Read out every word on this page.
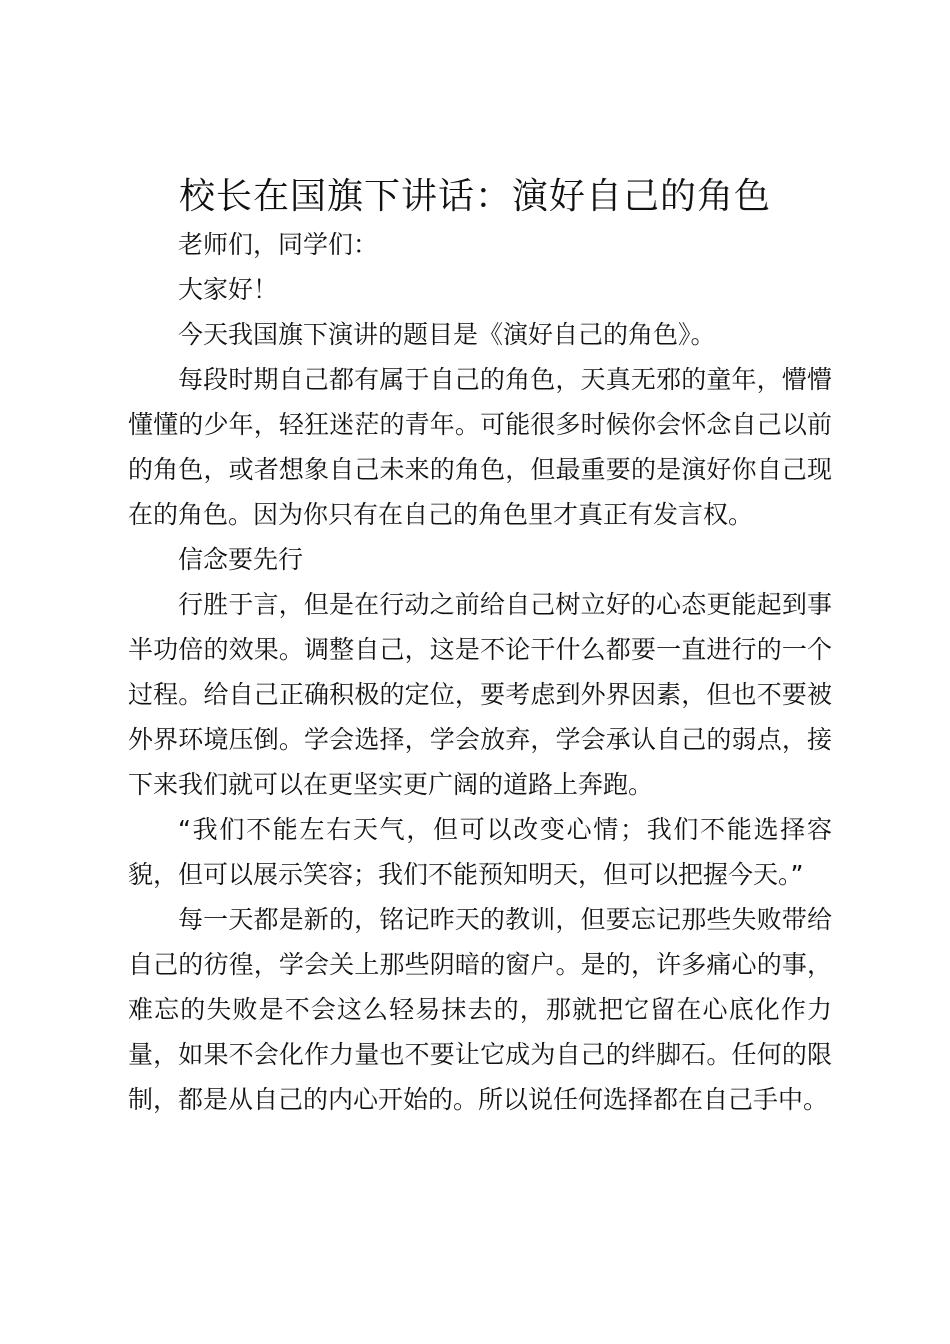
校长在国旗下讲话：演好自己的角色

老师们，同学们：

大家好！

今天我国旗下演讲的题目是《演好自己的角色》。

每段时期自己都有属于自己的角色，天真无邪的童年，懵懵懂懂的少年，轻狂迷茫的青年。可能很多时候你会怀念自己以前的角色，或者想象自己未来的角色，但最重要的是演好你自己现在的角色。因为你只有在自己的角色里才真正有发言权。

信念要先行

行胜于言，但是在行动之前给自己树立好的心态更能起到事半功倍的效果。调整自己，这是不论干什么都要一直进行的一个过程。给自己正确积极的定位，要考虑到外界因素，但也不要被外界环境压倒。学会选择，学会放弃，学会承认自己的弱点，接下来我们就可以在更坚实更广阔的道路上奔跑。

“我们不能左右天气，但可以改变心情；我们不能选择容貌，但可以展示笑容；我们不能预知明天，但可以把握今天。”

每一天都是新的，铭记昨天的教训，但要忘记那些失败带给自己的彷徨，学会关上那些阴暗的窗户。是的，许多痛心的事，难忘的失败是不会这么轻易抹去的，那就把它留在心底化作力量，如果不会化作力量也不要让它成为自己的绊脚石。任何的限制，都是从自己的内心开始的。所以说任何选择都在自己手中。
